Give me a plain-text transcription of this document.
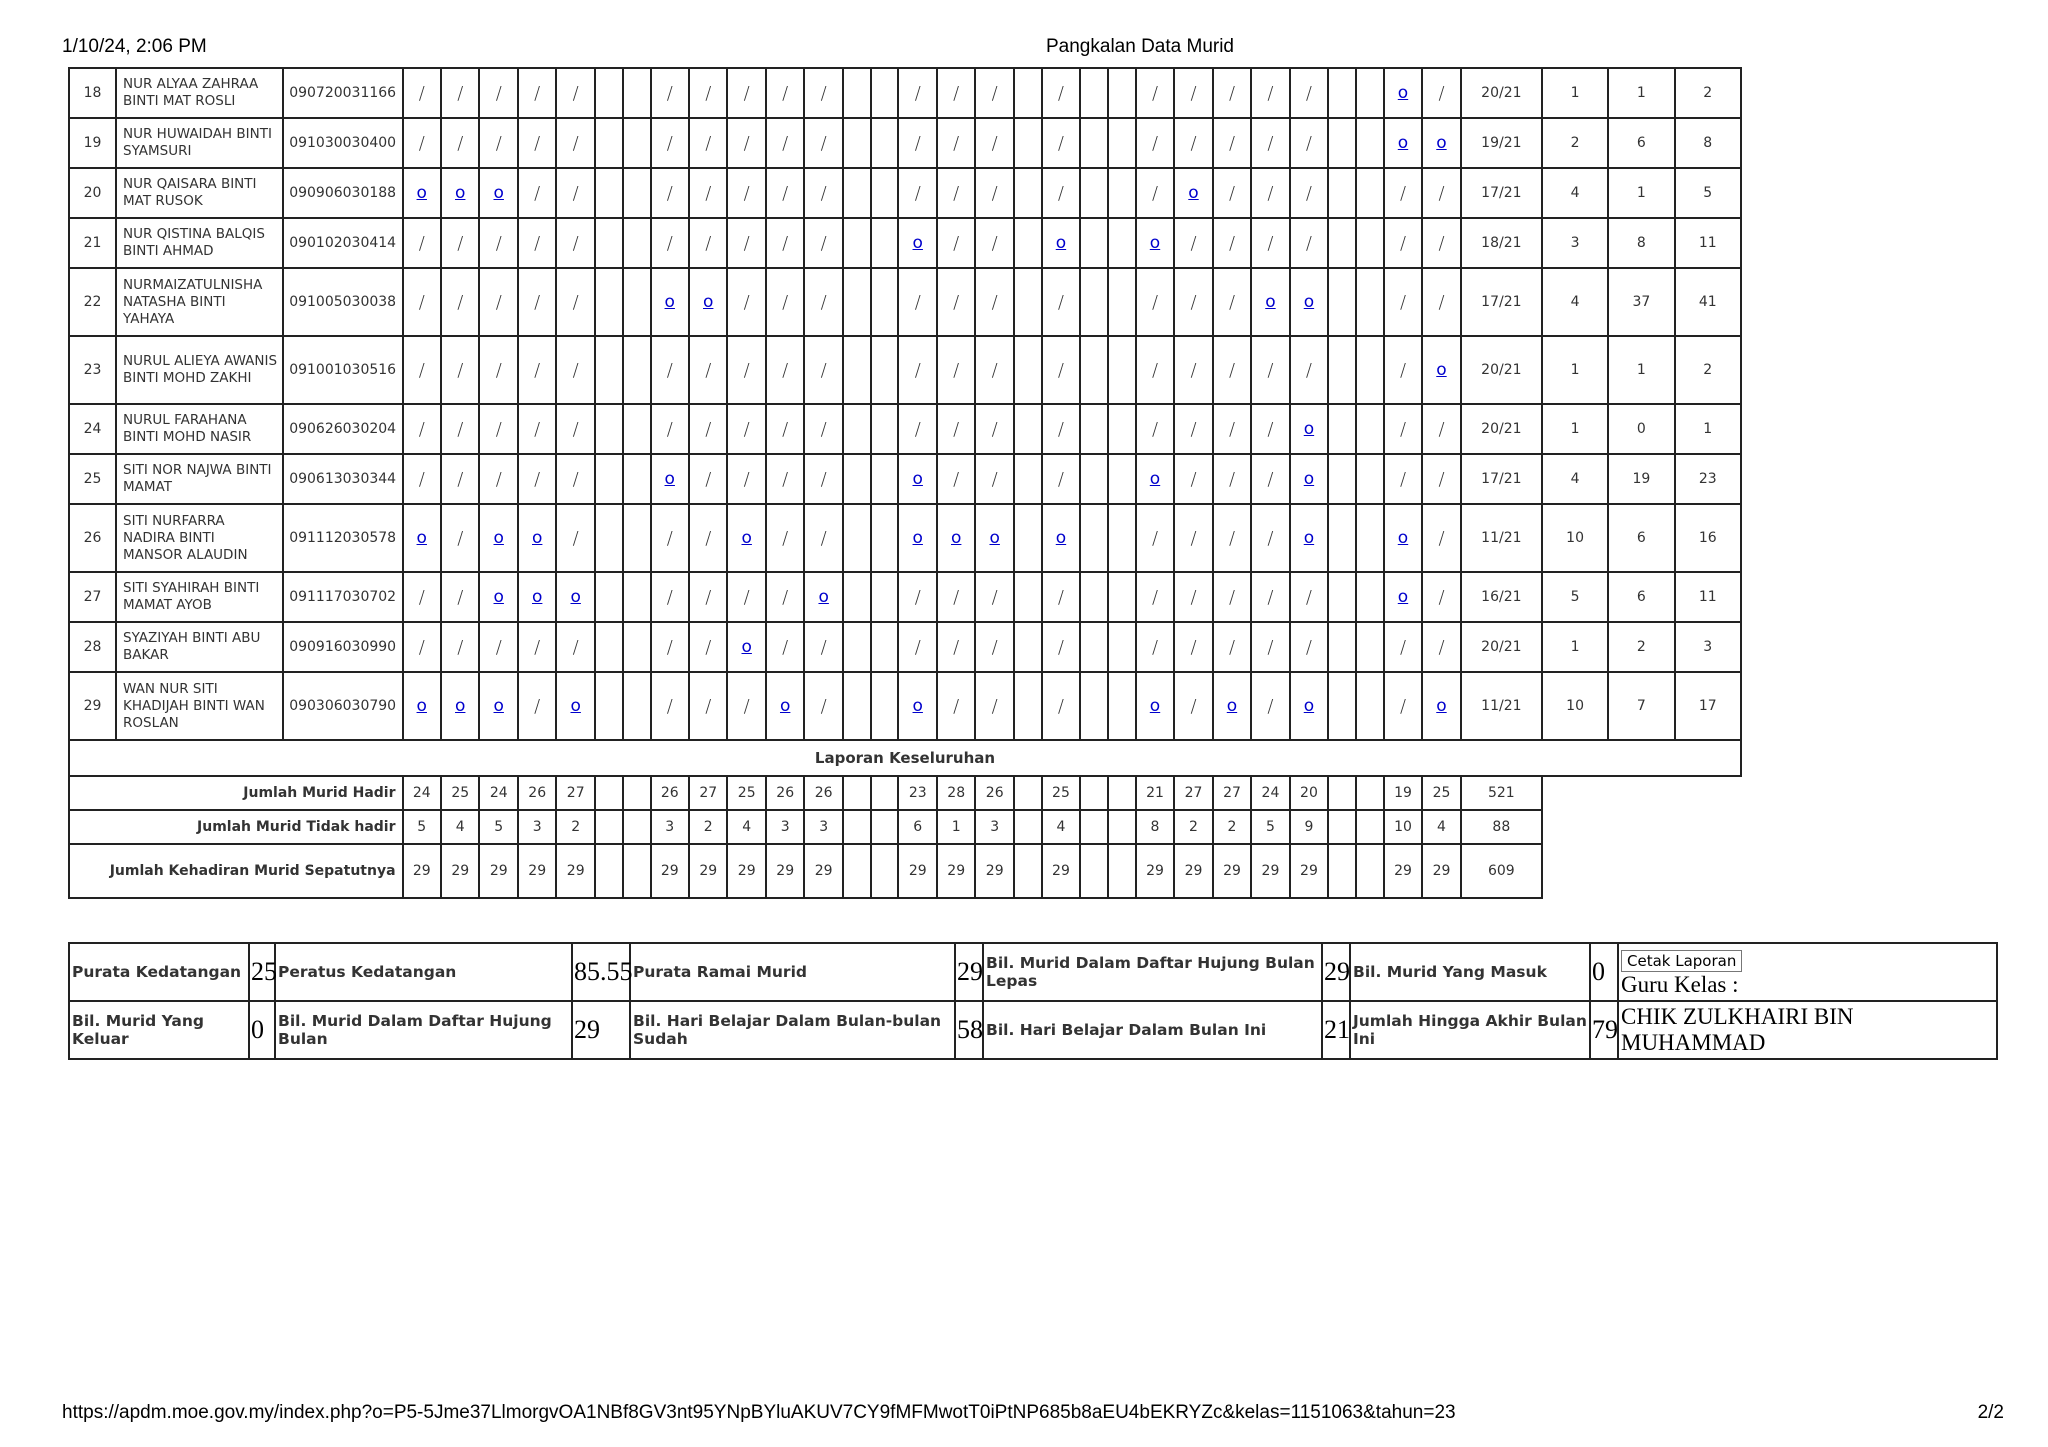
1/10/24, 2:06 PM	Pangkalan Data Murid
18	NUR ALYAA ZAHRAA BINTI MAT ROSLI	090720031166	/	/	/	/	/			/	/	/	/	/			/	/	/		/			/	/	/	/	/			o	/	20/21	1	1	2
19	NUR HUWAIDAH BINTI SYAMSURI	091030030400	/	/	/	/	/			/	/	/	/	/			/	/	/		/			/	/	/	/	/			o	o	19/21	2	6	8
20	NUR QAISARA BINTI MAT RUSOK	090906030188	o	o	o	/	/			/	/	/	/	/			/	/	/		/			/	o	/	/	/			/	/	17/21	4	1	5
21	NUR QISTINA BALQIS BINTI AHMAD	090102030414	/	/	/	/	/			/	/	/	/	/			o	/	/		o			o	/	/	/	/			/	/	18/21	3	8	11
22	NURMAIZATULNISHA NATASHA BINTI YAHAYA	091005030038	/	/	/	/	/			o	o	/	/	/			/	/	/		/			/	/	/	o	o			/	/	17/21	4	37	41
23	NURUL ALIEYA AWANIS BINTI MOHD ZAKHI	091001030516	/	/	/	/	/			/	/	/	/	/			/	/	/		/			/	/	/	/	/			/	o	20/21	1	1	2
24	NURUL FARAHANA BINTI MOHD NASIR	090626030204	/	/	/	/	/			/	/	/	/	/			/	/	/		/			/	/	/	/	o			/	/	20/21	1	0	1
25	SITI NOR NAJWA BINTI MAMAT	090613030344	/	/	/	/	/			o	/	/	/	/			o	/	/		/			o	/	/	/	o			/	/	17/21	4	19	23
26	SITI NURFARRA NADIRA BINTI MANSOR ALAUDIN	091112030578	o	/	o	o	/			/	/	o	/	/			o	o	o		o			/	/	/	/	o			o	/	11/21	10	6	16
27	SITI SYAHIRAH BINTI MAMAT AYOB	091117030702	/	/	o	o	o			/	/	/	/	o			/	/	/		/			/	/	/	/	/			o	/	16/21	5	6	11
28	SYAZIYAH BINTI ABU BAKAR	090916030990	/	/	/	/	/			/	/	o	/	/			/	/	/		/			/	/	/	/	/			/	/	20/21	1	2	3
29	WAN NUR SITI KHADIJAH BINTI WAN ROSLAN	090306030790	o	o	o	/	o			/	/	/	o	/			o	/	/		/			o	/	o	/	o			/	o	11/21	10	7	17
Laporan Keseluruhan																																				
Jumlah Murid Hadir			24	25	24	26	27			26	27	25	26	26			23	28	26		25			21	27	27	24	20			19	25	521			
Jumlah Murid Tidak hadir			5	4	5	3	2			3	2	4	3	3			6	1	3		4			8	2	2	5	9			10	4	88			
Jumlah Kehadiran Murid Sepatutnya			29	29	29	29	29			29	29	29	29	29			29	29	29		29			29	29	29	29	29			29	29	609			
Purata Kedatangan	25	Peratus Kedatangan	85.55	Purata Ramai Murid	29	Bil. Murid Dalam Daftar Hujung Bulan Lepas	29	Bil. Murid Yang Masuk	0	Cetak Laporan
Guru Kelas :

Bil. Murid Yang Keluar	0	Bil. Murid Dalam Daftar Hujung Bulan	29	Bil. Hari Belajar Dalam Bulan-bulan Sudah	58	Bil. Hari Belajar Dalam Bulan Ini	21	Jumlah Hingga Akhir Bulan Ini	79	CHIK ZULKHAIRI BIN MUHAMMAD
https://apdm.moe.gov.my/index.php?o=P5-5Jme37LlmorgvOA1NBf8GV3nt95YNpBYluAKUV7CY9fMFMwotT0iPtNP685b8aEU4bEKRYZc&kelas=1151063&tahun=23	2/2
